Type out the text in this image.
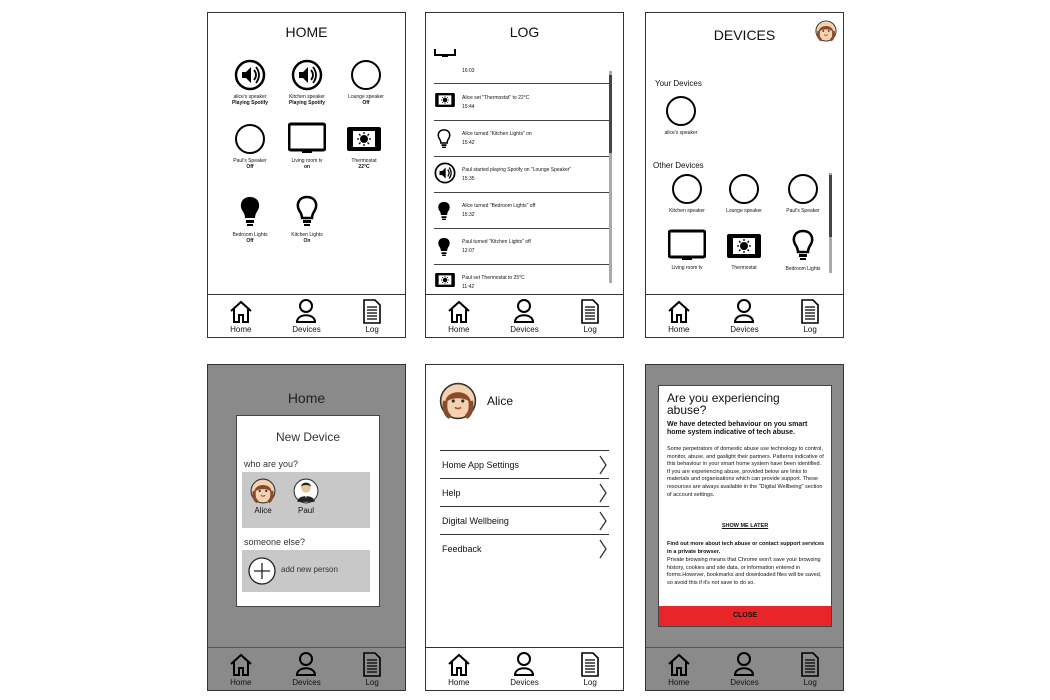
HOME
alice's speaker
Playing Spotify
Kitchen speaker
Playing Spotify
Lounge speaker
Off
Paul's Speaker
Off
Living room tv
on
Thermostat
22°C
Bedroom Lights
Off
Kitchen Lights
On
Home	Devices	Log
LOG
16:03
Alice set "Thermostat" to 22°C
15:44
Alice turned "Kitchen Lights" on
15:42
Paul started playing Spotify on "Lounge Speaker"
15:35
Alice turned "Bedroom Lights" off
15:32
Paul turned "Kitchen Lights" off
12:07
Paul set Thermostat to 25°C
11:42
Home	Devices	Log
DEVICES
Your Devices
alice's speaker
Other Devices
Kitchen speaker	Lounge speaker	Paul's Speaker
Living room tv	Thermostat	Bedroom Lights
Home	Devices	Log
Home
New Device
who are you?
Alice	Paul
someone else?
add new person
Home	Devices	Log
Alice
Home App Settings
Help
Digital Wellbeing
Feedback
Home	Devices	Log
Are you experiencing abuse?
We have detected behaviour on you smart home system indicative of tech abuse.
Some perpetrators of domestic abuse use technology to control, monitor, abuse, and gaslight their partners. Patterns indicative of this behaviour in your smart home system have been identified. If you are experiencing abuse, provided below are links to materials and organisations which can provide support. These resources are always available in the "Digital Wellbeing" section of account settings.
SHOW ME LATER
Find out more about tech abuse or contact support services in a private browser.
Private browsing means that Chrome won't save your browsing history, cookies and site data, or information entered in forms.However, bookmarks and downloaded files will be saved, so avoid this if it's not save to do so.
CLOSE
Home	Devices	Log
